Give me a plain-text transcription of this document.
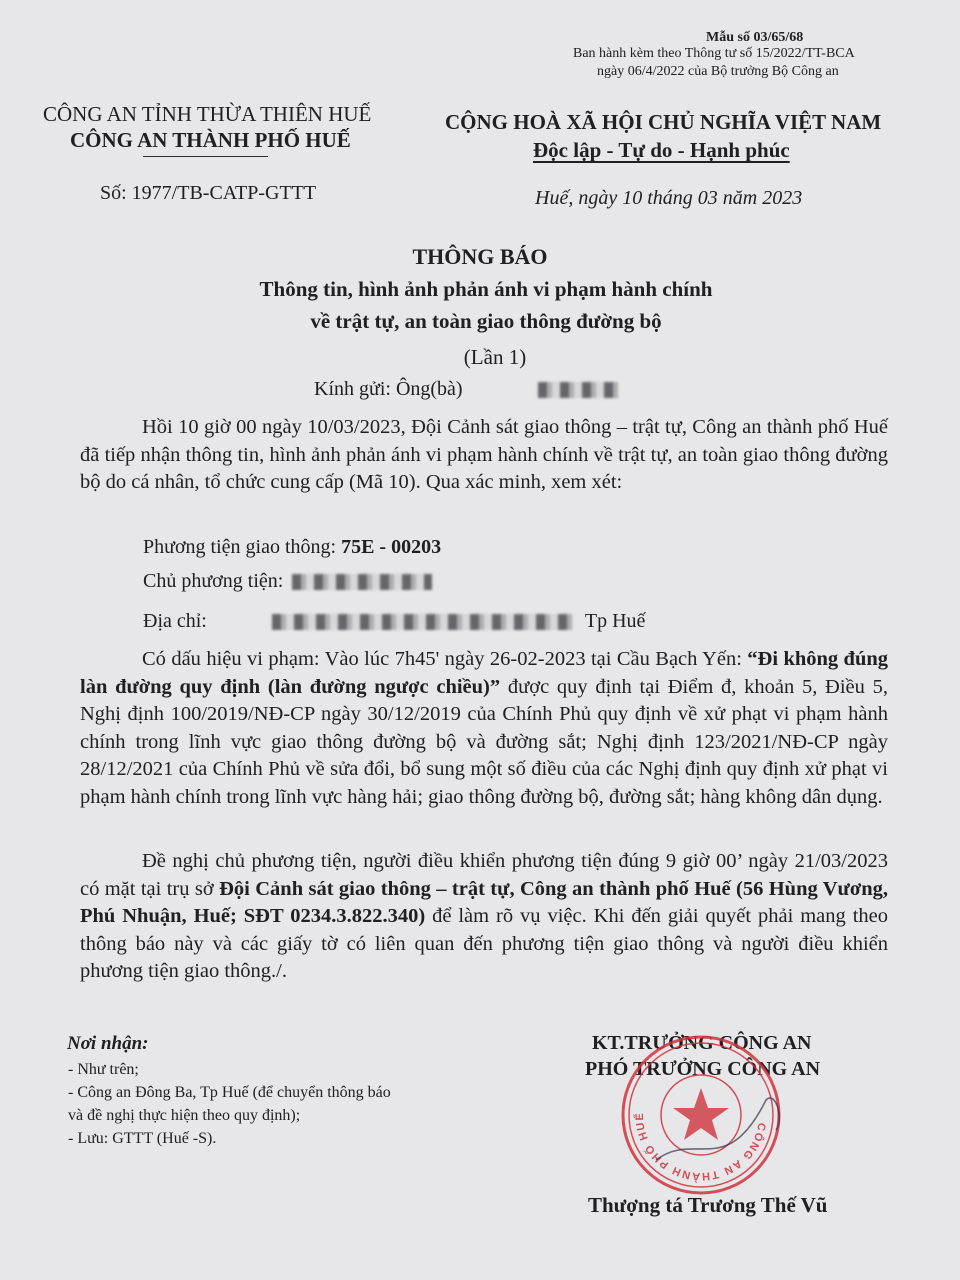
Mẫu số 03/65/68
Ban hành kèm theo Thông tư số 15/2022/TT-BCA
ngày 06/4/2022 của Bộ trưởng Bộ Công an
CÔNG AN TỈNH THỪA THIÊN HUẾ
CÔNG AN THÀNH PHỐ HUẾ
Số: 1977/TB-CATP-GTTT
CỘNG HOÀ XÃ HỘI CHỦ NGHĨA VIỆT NAM
Độc lập - Tự do - Hạnh phúc
Huế, ngày 10 tháng 03 năm 2023
THÔNG BÁO
Thông tin, hình ảnh phản ánh vi phạm hành chính
về trật tự, an toàn giao thông đường bộ
(Lần 1)
Kính gửi: Ông(bà)
Hồi 10 giờ 00 ngày 10/03/2023, Đội Cảnh sát giao thông – trật tự, Công an thành phố Huế đã tiếp nhận thông tin, hình ảnh phản ánh vi phạm hành chính về trật tự, an toàn giao thông đường bộ do cá nhân, tổ chức cung cấp (Mã 10). Qua xác minh, xem xét:
Phương tiện giao thông: 75E - 00203
Chủ phương tiện:
Địa chỉ:	Tp Huế
Có dấu hiệu vi phạm: Vào lúc 7h45' ngày 26-02-2023 tại Cầu Bạch Yến: “Đi không đúng làn đường quy định (làn đường ngược chiều)” được quy định tại Điểm đ, khoản 5, Điều 5, Nghị định 100/2019/NĐ-CP ngày 30/12/2019 của Chính Phủ quy định về xử phạt vi phạm hành chính trong lĩnh vực giao thông đường bộ và đường sắt; Nghị định 123/2021/NĐ-CP ngày 28/12/2021 của Chính Phủ về sửa đổi, bổ sung một số điều của các Nghị định quy định xử phạt vi phạm hành chính trong lĩnh vực hàng hải; giao thông đường bộ, đường sắt; hàng không dân dụng.
Đề nghị chủ phương tiện, người điều khiển phương tiện đúng 9 giờ 00’ ngày 21/03/2023 có mặt tại trụ sở Đội Cảnh sát giao thông – trật tự, Công an thành phố Huế (56 Hùng Vương, Phú Nhuận, Huế; SĐT 0234.3.822.340) để làm rõ vụ việc. Khi đến giải quyết phải mang theo thông báo này và các giấy tờ có liên quan đến phương tiện giao thông và người điều khiển phương tiện giao thông./.
Nơi nhận:
- Như trên;
- Công an Đông Ba, Tp Huế (để chuyển thông báo
và đề nghị thực hiện theo quy định);
- Lưu: GTTT (Huế -S).
KT.TRƯỞNG CÔNG AN
PHÓ TRƯỞNG CÔNG AN
CÔNG AN THÀNH PHỐ HUẾ
Thượng tá Trương Thế Vũ
